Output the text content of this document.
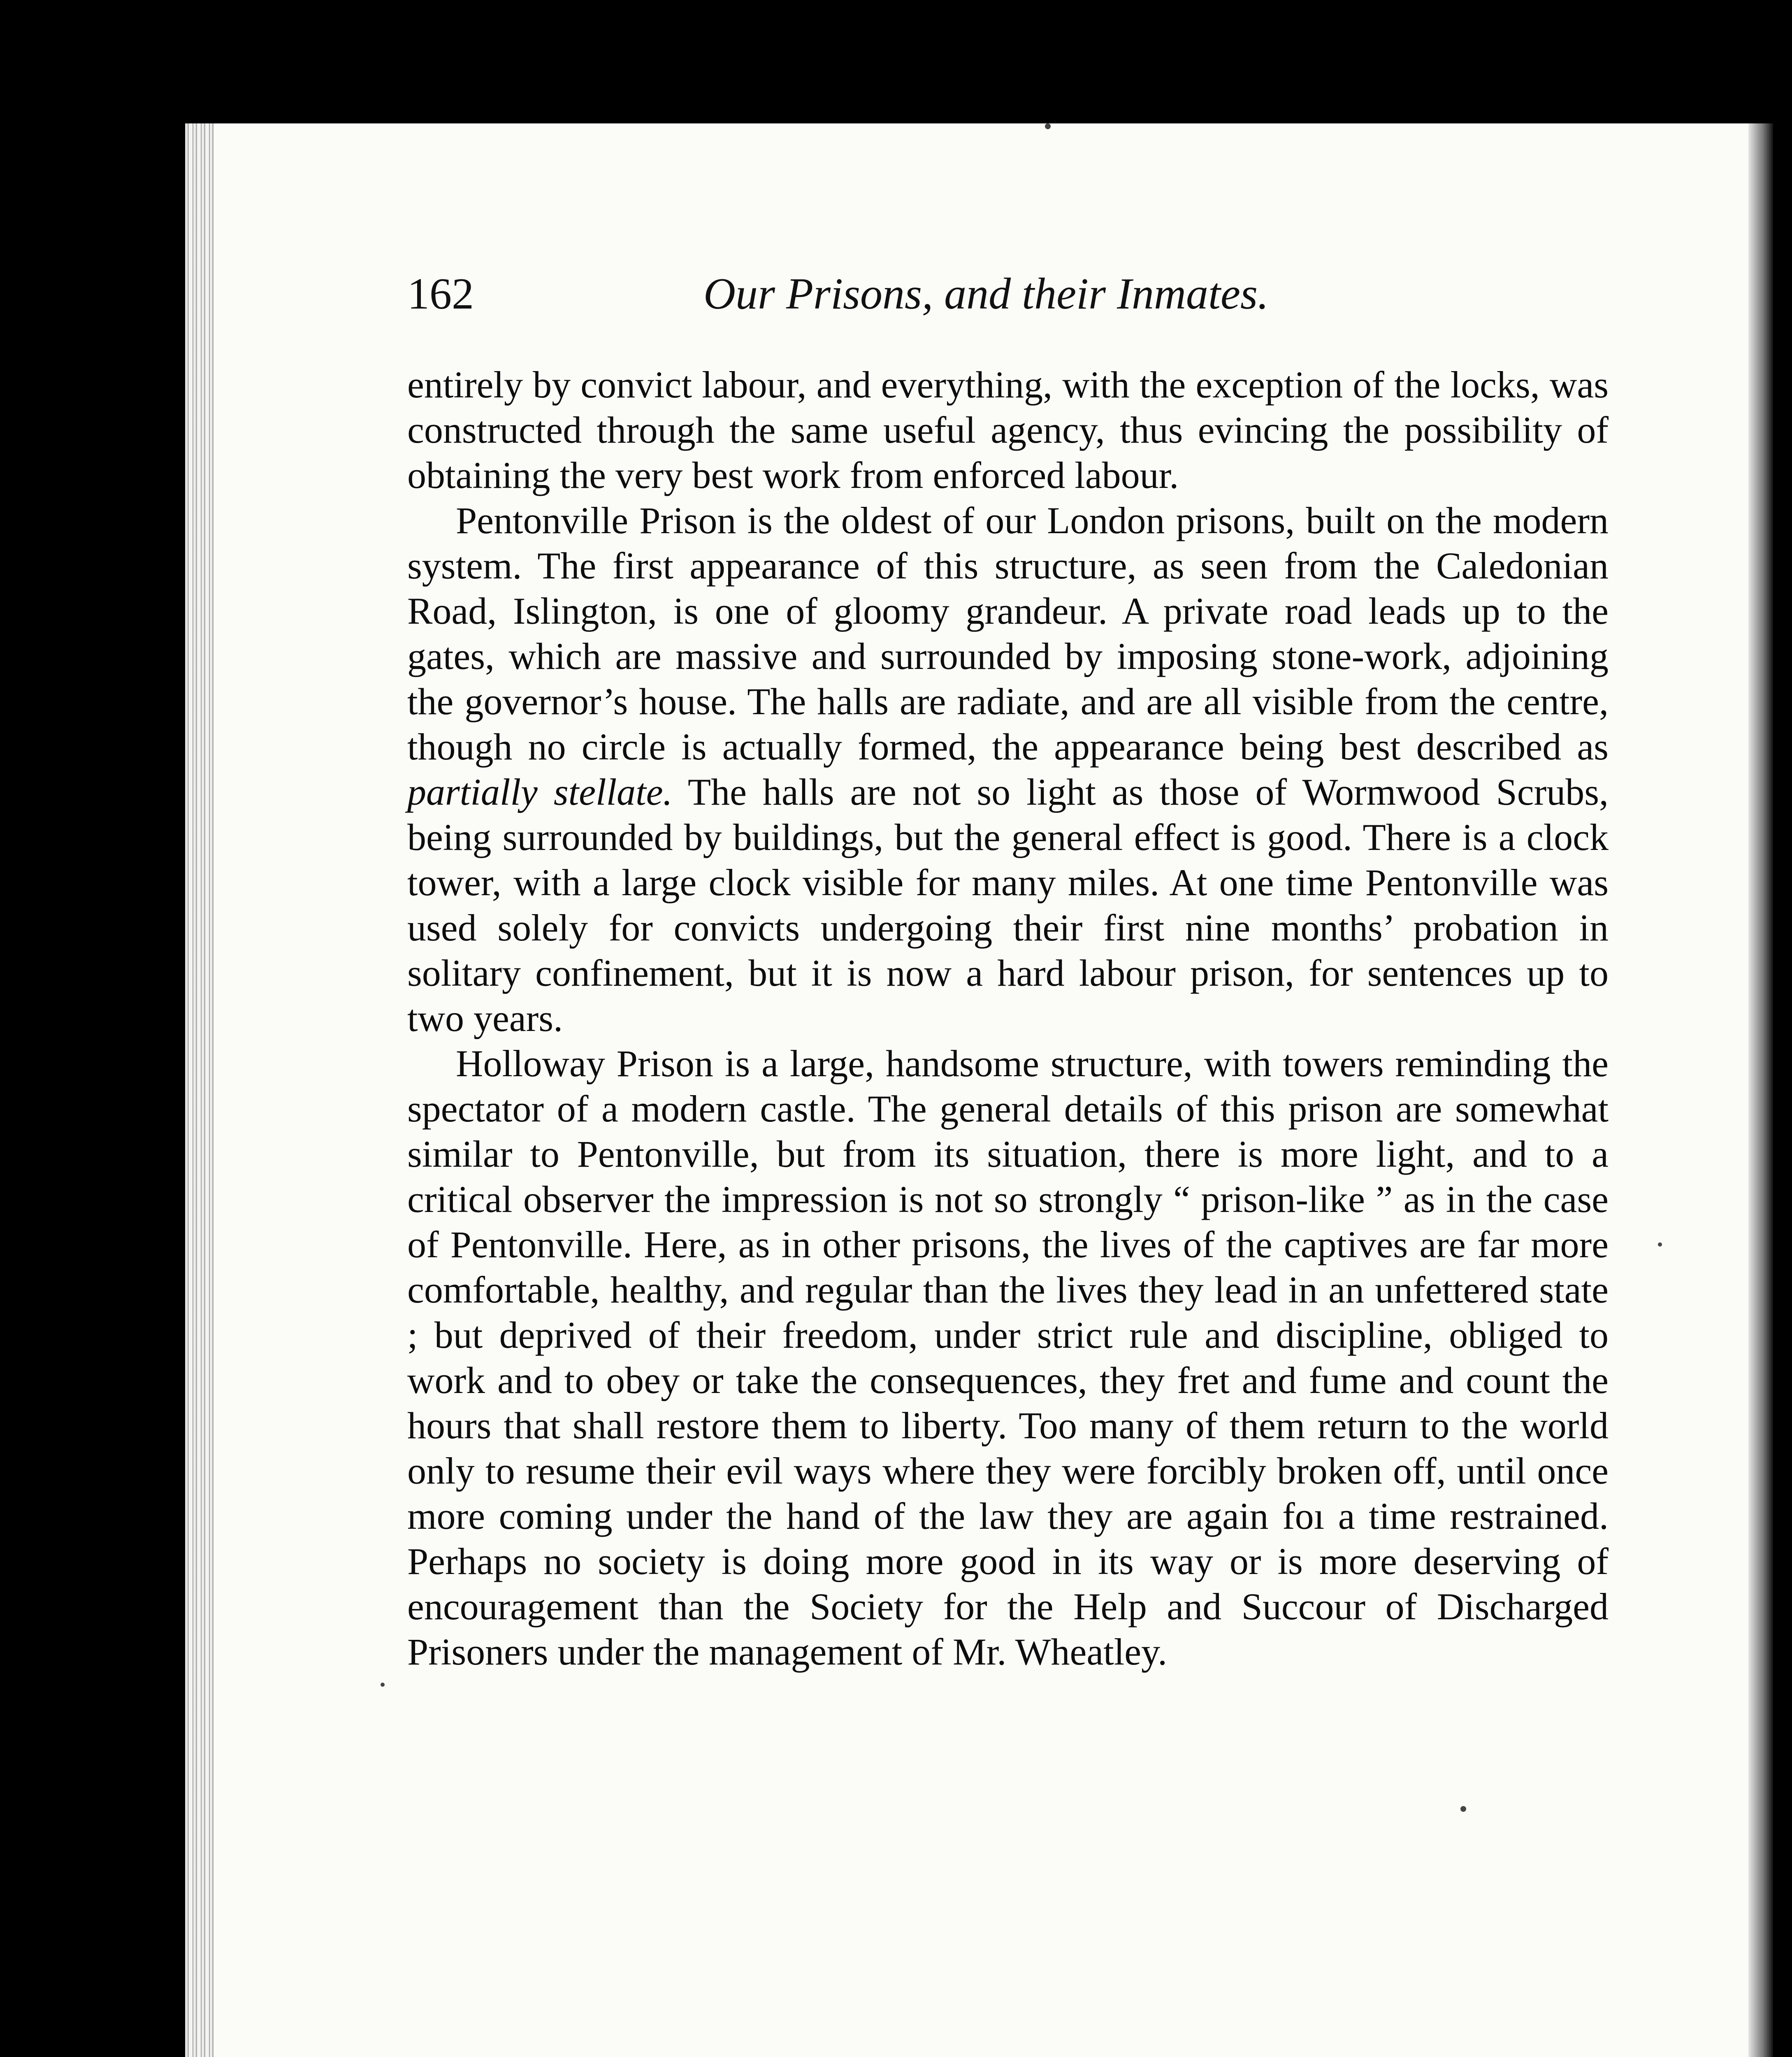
162	Our Prisons, and their Inmates.

entirely by convict labour, and everything, with the exception of the locks, was constructed through the same useful agency, thus evincing the possibility of obtaining the very best work from enforced labour.

Pentonville Prison is the oldest of our London prisons, built on the modern system. The first appearance of this structure, as seen from the Caledonian Road, Islington, is one of gloomy grandeur. A private road leads up to the gates, which are massive and surrounded by imposing stone-work, adjoining the governor’s house. The halls are radiate, and are all visible from the centre, though no circle is actually formed, the appearance being best described as partially stellate. The halls are not so light as those of Wormwood Scrubs, being surrounded by buildings, but the general effect is good. There is a clock tower, with a large clock visible for many miles. At one time Pentonville was used solely for convicts undergoing their first nine months’ probation in solitary confinement, but it is now a hard labour prison, for sentences up to two years.

Holloway Prison is a large, handsome structure, with towers reminding the spectator of a modern castle. The general details of this prison are somewhat similar to Pentonville, but from its situation, there is more light, and to a critical observer the impression is not so strongly “ prison-like ” as in the case of Pentonville. Here, as in other prisons, the lives of the captives are far more comfortable, healthy, and regular than the lives they lead in an unfettered state ; but deprived of their freedom, under strict rule and discipline, obliged to work and to obey or take the consequences, they fret and fume and count the hours that shall restore them to liberty. Too many of them return to the world only to resume their evil ways where they were forcibly broken off, until once more coming under the hand of the law they are again foı a time restrained. Perhaps no society is doing more good in its way or is more deserving of encouragement than the Society for the Help and Succour of Discharged Prisoners under the management of Mr. Wheatley.
